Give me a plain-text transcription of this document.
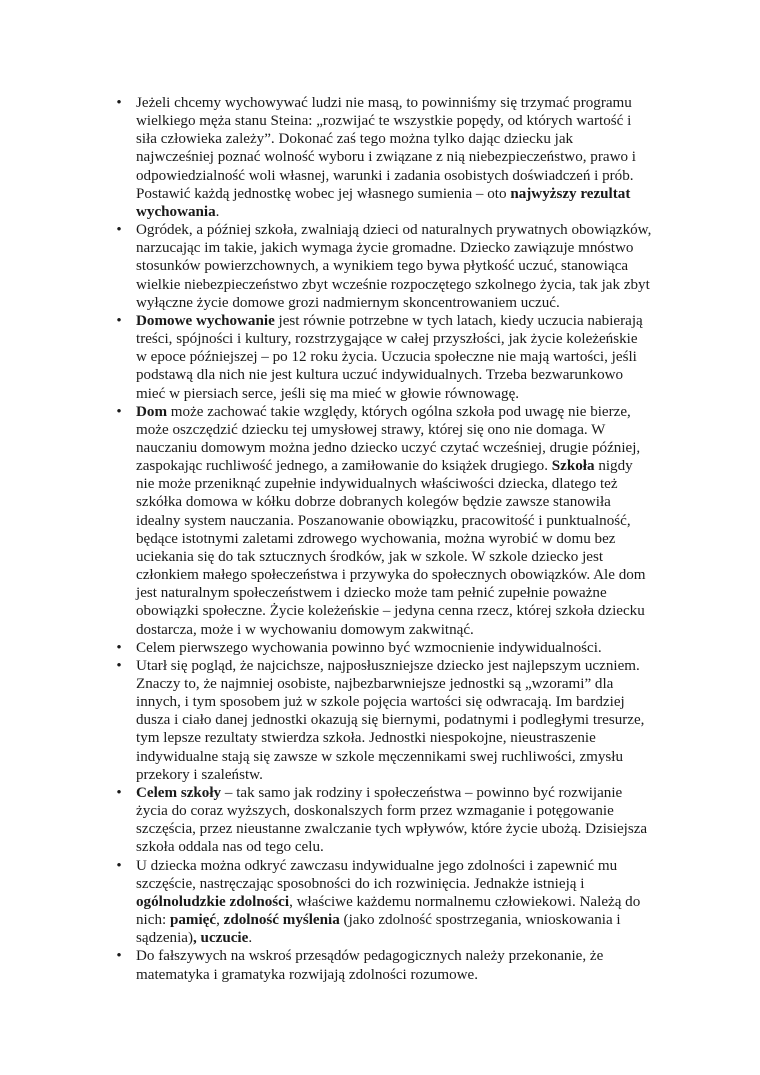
• Jeżeli chcemy wychowywać ludzi nie masą, to powinniśmy się trzymać programu wielkiego męża stanu Steina: „rozwijać te wszystkie popędy, od których wartość i siła człowieka zależy”. Dokonać zaś tego można tylko dając dziecku jak najwcześniej poznać wolność wyboru i związane z nią niebezpieczeństwo, prawo i odpowiedzialność woli własnej, warunki i zadania osobistych doświadczeń i prób. Postawić każdą jednostkę wobec jej własnego sumienia – oto najwyższy rezultat wychowania.
• Ogródek, a później szkoła, zwalniają dzieci od naturalnych prywatnych obowiązków, narzucając im takie, jakich wymaga życie gromadne. Dziecko zawiązuje mnóstwo stosunków powierzchownych, a wynikiem tego bywa płytkość uczuć, stanowiąca wielkie niebezpieczeństwo zbyt wcześnie rozpoczętego szkolnego życia, tak jak zbyt wyłączne życie domowe grozi nadmiernym skoncentrowaniem uczuć.
• Domowe wychowanie jest równie potrzebne w tych latach, kiedy uczucia nabierają treści, spójności i kultury, rozstrzygające w całej przyszłości, jak życie koleżeńskie w epoce późniejszej – po 12 roku życia. Uczucia społeczne nie mają wartości, jeśli podstawą dla nich nie jest kultura uczuć indywidualnych. Trzeba bezwarunkowo mieć w piersiach serce, jeśli się ma mieć w głowie równowagę.
• Dom może zachować takie względy, których ogólna szkoła pod uwagę nie bierze, może oszczędzić dziecku tej umysłowej strawy, której się ono nie domaga. W nauczaniu domowym można jedno dziecko uczyć czytać wcześniej, drugie później, zaspokając ruchliwość jednego, a zamiłowanie do książek drugiego. Szkoła nigdy nie może przeniknąć zupełnie indywidualnych właściwości dziecka, dlatego też szkółka domowa w kółku dobrze dobranych kolegów będzie zawsze stanowiła idealny system nauczania. Poszanowanie obowiązku, pracowitość i punktualność, będące istotnymi zaletami zdrowego wychowania, można wyrobić w domu bez uciekania się do tak sztucznych środków, jak w szkole. W szkole dziecko jest członkiem małego społeczeństwa i przywyka do społecznych obowiązków. Ale dom jest naturalnym społeczeństwem i dziecko może tam pełnić zupełnie poważne obowiązki społeczne. Życie koleżeńskie – jedyna cenna rzecz, której szkoła dziecku dostarcza, może i w wychowaniu domowym zakwitnąć.
• Celem pierwszego wychowania powinno być wzmocnienie indywidualności.
• Utarł się pogląd, że najcichsze, najposłuszniejsze dziecko jest najlepszym uczniem. Znaczy to, że najmniej osobiste, najbezbarwniejsze jednostki są „wzorami” dla innych, i tym sposobem już w szkole pojęcia wartości się odwracają. Im bardziej dusza i ciało danej jednostki okazują się biernymi, podatnymi i podległymi tresurze, tym lepsze rezultaty stwierdza szkoła. Jednostki niespokojne, nieustraszenie indywidualne stają się zawsze w szkole męczennikami swej ruchliwości, zmysłu przekory i szaleństw.
• Celem szkoły – tak samo jak rodziny i społeczeństwa – powinno być rozwijanie życia do coraz wyższych, doskonalszych form przez wzmaganie i potęgowanie szczęścia, przez nieustanne zwalczanie tych wpływów, które życie ubożą. Dzisiejsza szkoła oddala nas od tego celu.
• U dziecka można odkryć zawczasu indywidualne jego zdolności i zapewnić mu szczęście, nastręczając sposobności do ich rozwinięcia. Jednakże istnieją i ogólnoludzkie zdolności, właściwe każdemu normalnemu człowiekowi. Należą do nich: pamięć, zdolność myślenia (jako zdolność spostrzegania, wnioskowania i sądzenia), uczucie.
• Do fałszywych na wskroś przesądów pedagogicznych należy przekonanie, że matematyka i gramatyka rozwijają zdolności rozumowe.
